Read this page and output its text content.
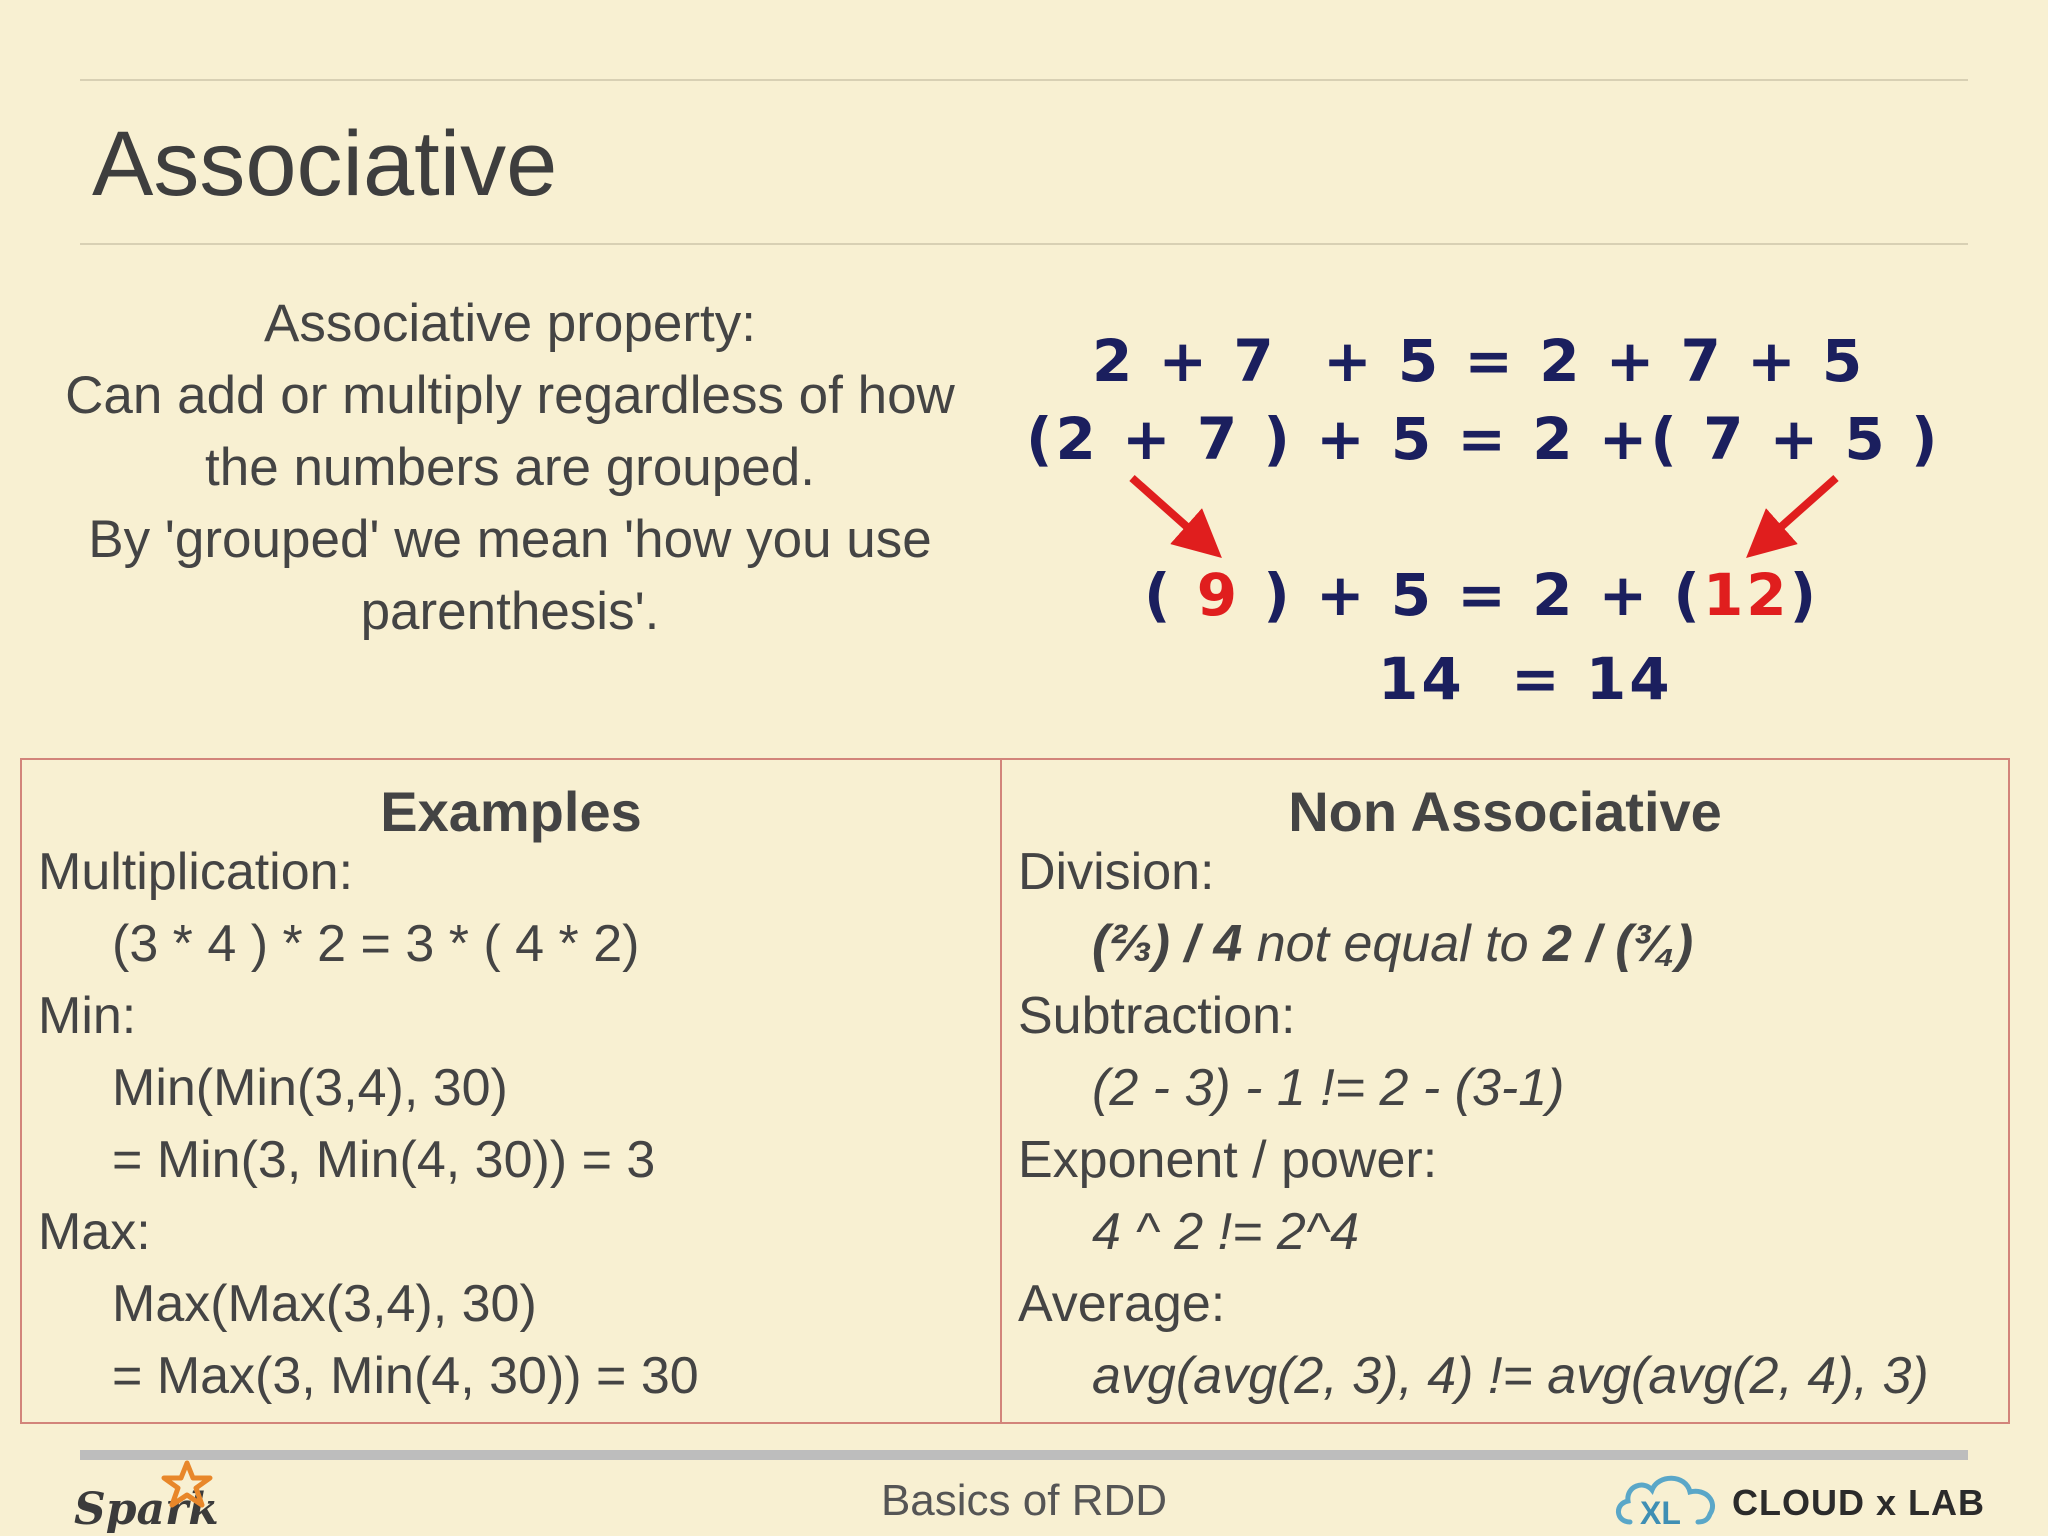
Associative
Associative property:
Can add or multiply regardless of how
the numbers are grouped.
By 'grouped' we mean 'how you use
parenthesis'.
2 + 7  + 5 = 2 + 7 + 5
(2 + 7 ) + 5 = 2 +( 7 + 5 )
( 9 ) + 5 = 2 + (12)
14  = 14
Examples
Multiplication:
(3 * 4 ) * 2 = 3 * ( 4 * 2)
Min:
Min(Min(3,4), 30)
= Min(3, Min(4, 30)) = 3
Max:
Max(Max(3,4), 30)
= Max(3, Min(4, 30)) = 30
Non Associative
Division:
(⅔) / 4 not equal to 2 / (¾)
Subtraction:
(2 - 3) - 1 != 2 - (3-1)
Exponent / power:
4 ^ 2 != 2^4
Average:
avg(avg(2, 3), 4) != avg(avg(2, 4), 3)
Spark	Basics of RDD	XL CLOUD x LAB
